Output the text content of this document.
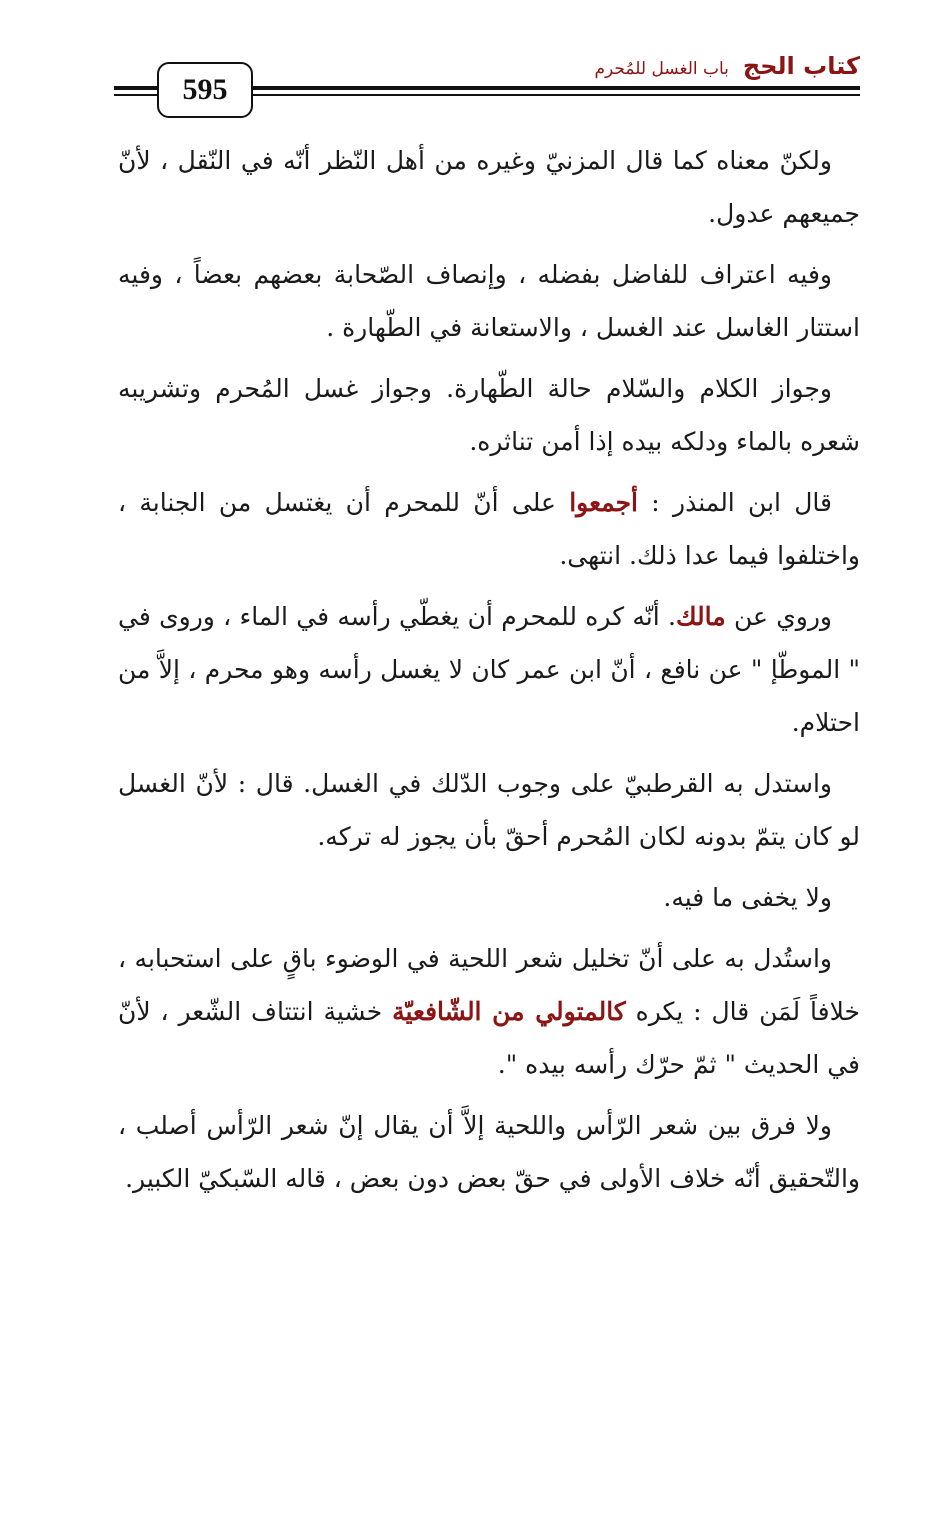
كتاب الحج
باب الغسل للمُحرم
595

ولكنّ معناه كما قال المزنيّ وغيره من أهل النّظر أنّه في النّقل ، لأنّ جميعهم عدول.

وفيه اعتراف للفاضل بفضله ، وإنصاف الصّحابة بعضهم بعضاً ، وفيه استتار الغاسل عند الغسل ، والاستعانة في الطّهارة .

وجواز الكلام والسّلام حالة الطّهارة. وجواز غسل المُحرم وتشريبه شعره بالماء ودلكه بيده إذا أمن تناثره.

قال ابن المنذر : أجمعوا على أنّ للمحرم أن يغتسل من الجنابة ، واختلفوا فيما عدا ذلك. انتهى.

وروي عن مالك. أنّه كره للمحرم أن يغطّي رأسه في الماء ، وروى في " الموطّإ " عن نافع ، أنّ ابن عمر كان لا يغسل رأسه وهو محرم ، إلاَّ من احتلام.

واستدل به القرطبيّ على وجوب الدّلك في الغسل. قال : لأنّ الغسل لو كان يتمّ بدونه لكان المُحرم أحقّ بأن يجوز له تركه.

ولا يخفى ما فيه.

واستُدل به على أنّ تخليل شعر اللحية في الوضوء باقٍ على استحبابه ، خلافاً لَمَن قال : يكره كالمتولي من الشّافعيّة خشية انتتاف الشّعر ، لأنّ في الحديث " ثمّ حرّك رأسه بيده ".

ولا فرق بين شعر الرّأس واللحية إلاَّ أن يقال إنّ شعر الرّأس أصلب ، والتّحقيق أنّه خلاف الأولى في حقّ بعض دون بعض ، قاله السّبكيّ الكبير.
